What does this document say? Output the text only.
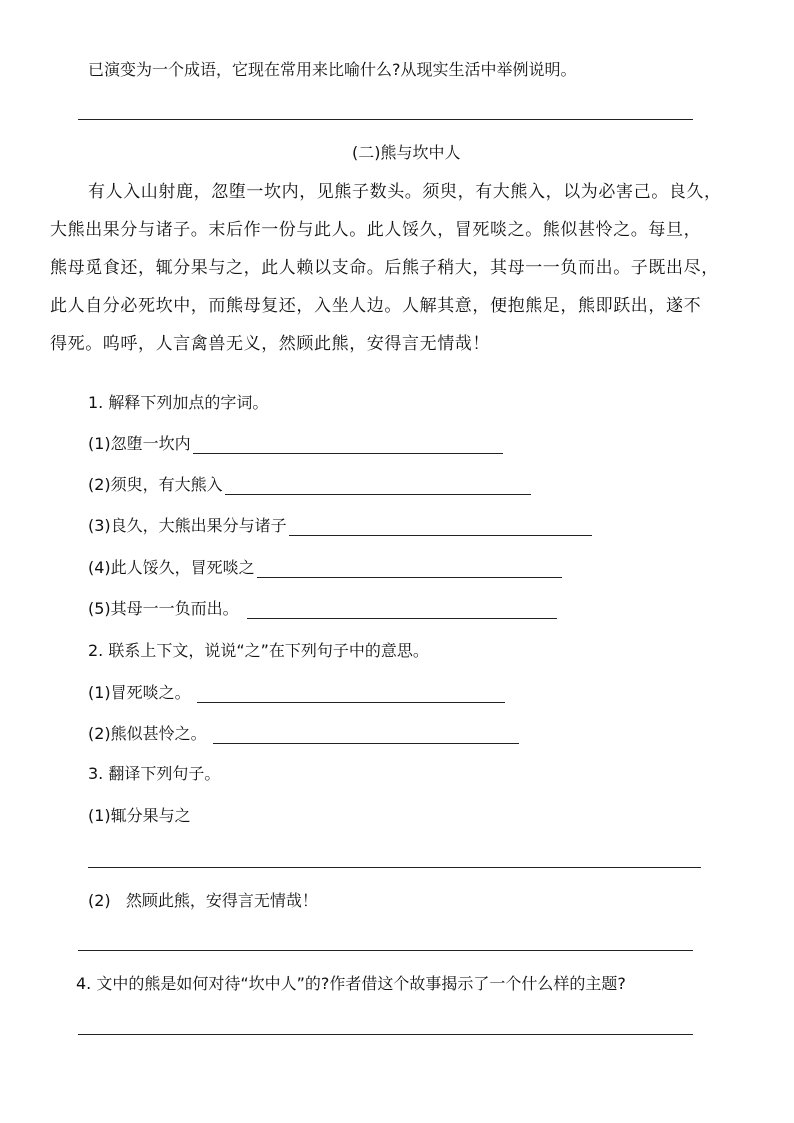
已演变为一个成语，它现在常用来比喻什么?从现实生活中举例说明。
(二)熊与坎中人
有人入山射鹿，忽堕一坎内，见熊子数头。须臾，有大熊入，以为必害己。良久，
大熊出果分与诸子。末后作一份与此人。此人馁久，冒死啖之。熊似甚怜之。每旦，
熊母觅食还，辄分果与之，此人赖以支命。后熊子稍大，其母一一负而出。子既出尽，
此人自分必死坎中，而熊母复还，入坐人边。人解其意，便抱熊足，熊即跃出，遂不
得死。呜呼，人言禽兽无义，然顾此熊，安得言无情哉！
1. 解释下列加点的字词。
(1)忽堕一坎内
(2)须臾，有大熊入
(3)良久，大熊出果分与诸子
(4)此人馁久，冒死啖之
(5)其母一一负而出。
2. 联系上下文，说说“之”在下列句子中的意思。
(1)冒死啖之。
(2)熊似甚怜之。
3. 翻译下列句子。
(1)辄分果与之
(2)   然顾此熊，安得言无情哉！
4. 文中的熊是如何对待“坎中人”的?作者借这个故事揭示了一个什么样的主题?
